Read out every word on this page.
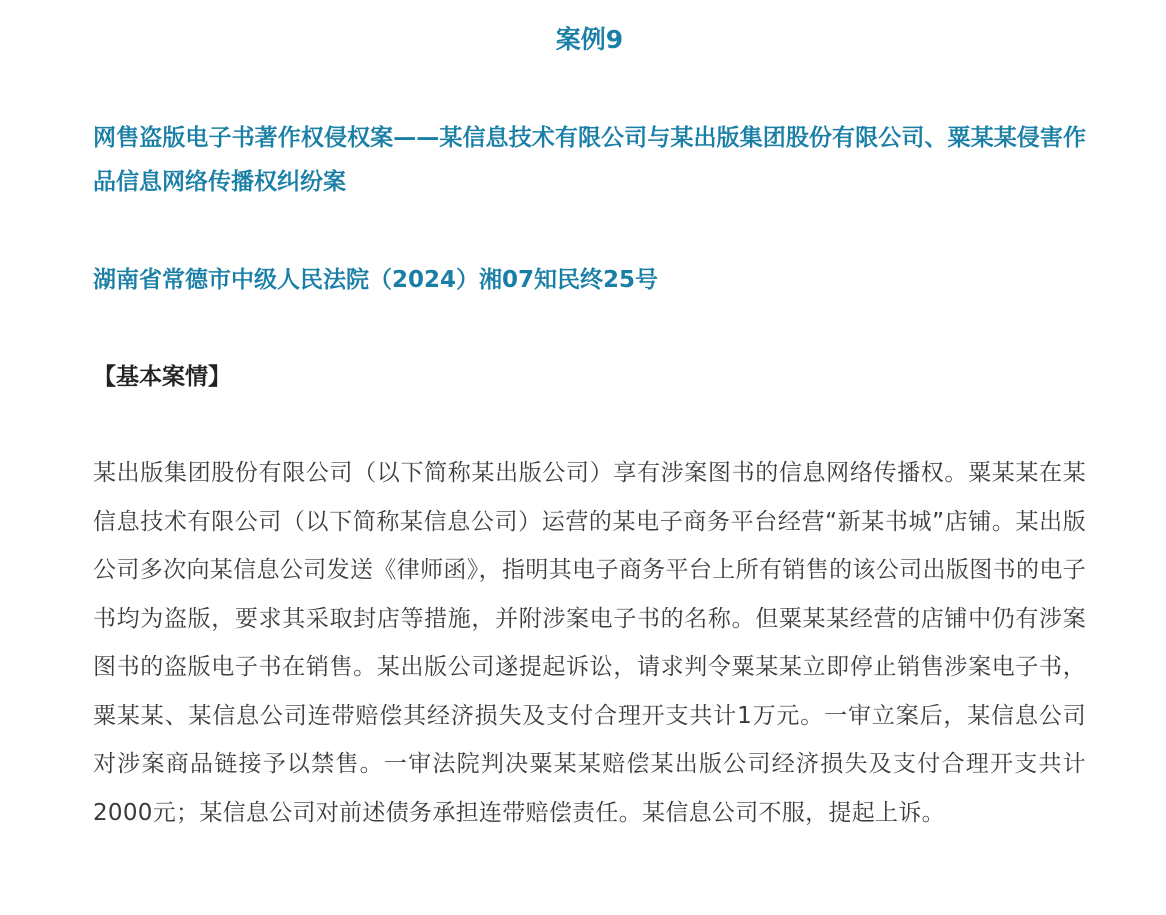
案例9
网售盗版电子书著作权侵权案——某信息技术有限公司与某出版集团股份有限公司、粟某某侵害作品信息网络传播权纠纷案

湖南省常德市中级人民法院（2024）湘07知民终25号

【基本案情】

某出版集团股份有限公司（以下简称某出版公司）享有涉案图书的信息网络传播权。粟某某在某信息技术有限公司（以下简称某信息公司）运营的某电子商务平台经营“新某书城”店铺。某出版公司多次向某信息公司发送《律师函》，指明其电子商务平台上所有销售的该公司出版图书的电子书均为盗版，要求其采取封店等措施，并附涉案电子书的名称。但粟某某经营的店铺中仍有涉案图书的盗版电子书在销售。某出版公司遂提起诉讼，请求判令粟某某立即停止销售涉案电子书，粟某某、某信息公司连带赔偿其经济损失及支付合理开支共计1万元。一审立案后，某信息公司对涉案商品链接予以禁售。一审法院判决粟某某赔偿某出版公司经济损失及支付合理开支共计2000元；某信息公司对前述债务承担连带赔偿责任。某信息公司不服，提起上诉。
